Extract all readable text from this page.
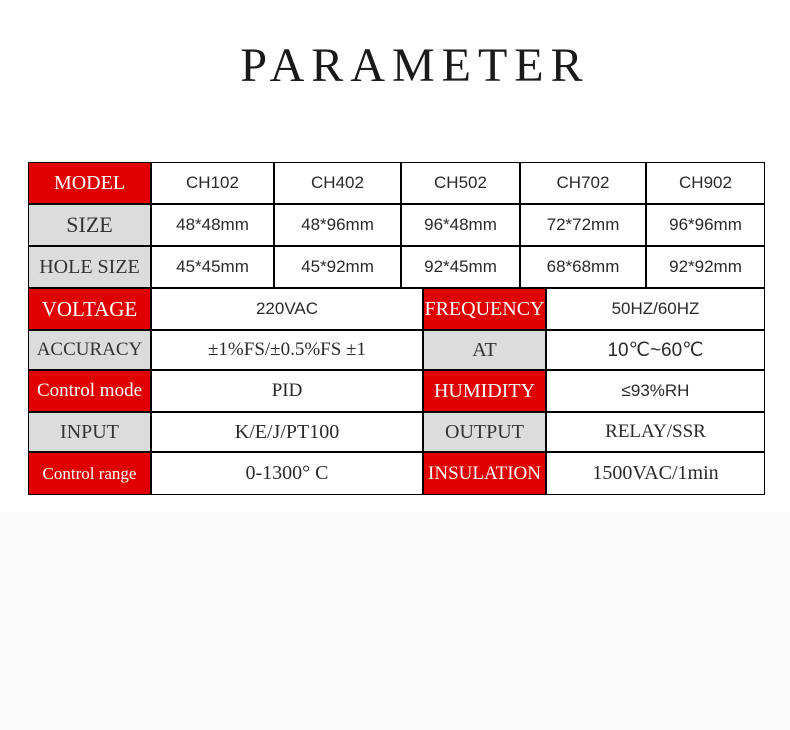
PARAMETER
MODEL	CH102	CH402	CH502	CH702	CH902
SIZE	48*48mm	48*96mm	96*48mm	72*72mm	96*96mm
HOLE SIZE	45*45mm	45*92mm	92*45mm	68*68mm	92*92mm
VOLTAGE	220VAC	FREQUENCY	50HZ/60HZ
ACCURACY	±1%FS/±0.5%FS ±1	AT	10℃~60℃
Control mode	PID	HUMIDITY	≤93%RH
INPUT	K/E/J/PT100	OUTPUT	RELAY/SSR
Control range	0-1300° C	INSULATION	1500VAC/1min
